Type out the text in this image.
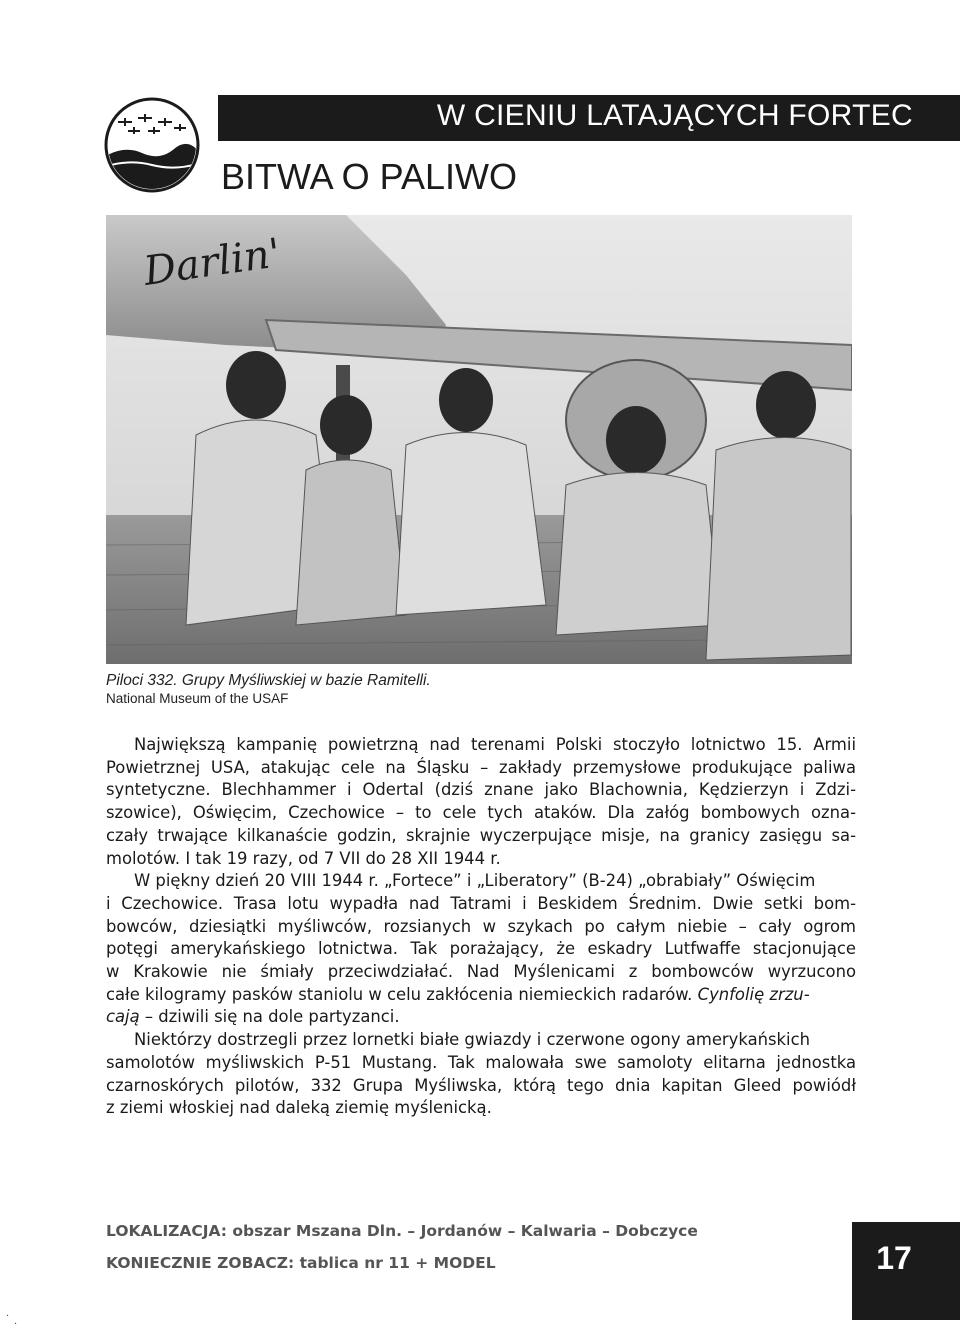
W CIENIU LATAJĄCYCH FORTEC
BITWA O PALIWO
Darlin'
Piloci 332. Grupy Myśliwskiej w bazie Ramitelli.
National Museum of the USAF
Największą kampanię powietrzną nad terenami Polski stoczyło lotnictwo 15. Armii
Powietrznej USA, atakując cele na Śląsku – zakłady przemysłowe produkujące paliwa
syntetyczne. Blechhammer i Odertal (dziś znane jako Blachownia, Kędzierzyn i Zdzi-
szowice), Oświęcim, Czechowice – to cele tych ataków. Dla załóg bombowych ozna-
czały trwające kilkanaście godzin, skrajnie wyczerpujące misje, na granicy zasięgu sa-
molotów. I tak 19 razy, od 7 VII do 28 XII 1944 r.
W piękny dzień 20 VIII 1944 r. „Fortece” i „Liberatory” (B-24) „obrabiały” Oświęcim
i Czechowice. Trasa lotu wypadła nad Tatrami i Beskidem Średnim. Dwie setki bom-
bowców, dziesiątki myśliwców, rozsianych w szykach po całym niebie – cały ogrom
potęgi amerykańskiego lotnictwa. Tak porażający, że eskadry Lutfwaffe stacjonujące
w Krakowie nie śmiały przeciwdziałać. Nad Myślenicami z bombowców wyrzucono
całe kilogramy pasków staniolu w celu zakłócenia niemieckich radarów. Cynfolię zrzu-
cają – dziwili się na dole partyzanci.
Niektórzy dostrzegli przez lornetki białe gwiazdy i czerwone ogony amerykańskich
samolotów myśliwskich P-51 Mustang. Tak malowała swe samoloty elitarna jednostka
czarnoskórych pilotów, 332 Grupa Myśliwska, którą tego dnia kapitan Gleed powiódł
z ziemi włoskiej nad daleką ziemię myślenicką.
LOKALIZACJA: obszar Mszana Dln. – Jordanów – Kalwaria – Dobczyce
KONIECZNIE ZOBACZ: tablica nr 11 + MODEL	17
.
.
